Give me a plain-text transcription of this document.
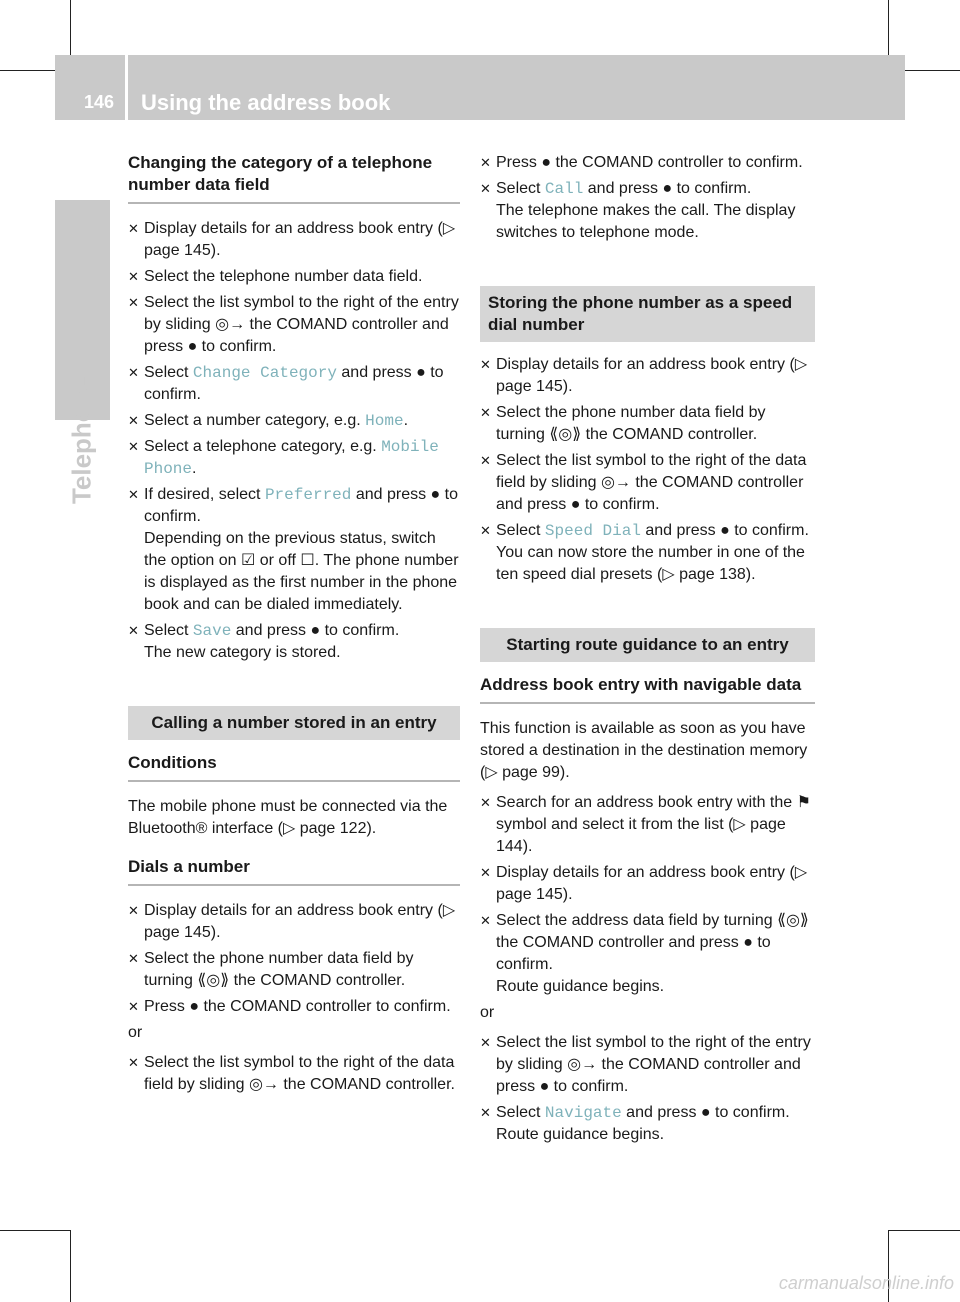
146 Using the address book
Telephone
Changing the category of a telephone number data field
✕ Display details for an address book entry (▷ page 145).
✕ Select the telephone number data field.
✕ Select the list symbol to the right of the entry by sliding ◎→ the COMAND controller and press ● to confirm.
✕ Select Change Category and press ● to confirm.
✕ Select a number category, e.g. Home.
✕ Select a telephone category, e.g. Mobile Phone.
✕ If desired, select Preferred and press ● to confirm.
Depending on the previous status, switch the option on ☑ or off ☐. The phone number is displayed as the first number in the phone book and can be dialed immediately.
✕ Select Save and press ● to confirm.
The new category is stored.
Calling a number stored in an entry
Conditions

The mobile phone must be connected via the Bluetooth® interface (▷ page 122).

Dials a number
✕ Display details for an address book entry (▷ page 145).
✕ Select the phone number data field by turning ⟪◎⟫ the COMAND controller.
✕ Press ● the COMAND controller to confirm.

or

✕ Select the list symbol to the right of the data field by sliding ◎→ the COMAND controller.
✕ Press ● the COMAND controller to confirm.
✕ Select Call and press ● to confirm.
The telephone makes the call. The display switches to telephone mode.
Storing the phone number as a speed dial number
✕ Display details for an address book entry (▷ page 145).
✕ Select the phone number data field by turning ⟪◎⟫ the COMAND controller.
✕ Select the list symbol to the right of the data field by sliding ◎→ the COMAND controller and press ● to confirm.
✕ Select Speed Dial and press ● to confirm.
You can now store the number in one of the ten speed dial presets (▷ page 138).
Starting route guidance to an entry
Address book entry with navigable data

This function is available as soon as you have stored a destination in the destination memory (▷ page 99).

✕ Search for an address book entry with the ⚑ symbol and select it from the list (▷ page 144).
✕ Display details for an address book entry (▷ page 145).
✕ Select the address data field by turning ⟪◎⟫ the COMAND controller and press ● to confirm.
Route guidance begins.

or

✕ Select the list symbol to the right of the entry by sliding ◎→ the COMAND controller and press ● to confirm.
✕ Select Navigate and press ● to confirm.
Route guidance begins.
carmanualsonline.info
